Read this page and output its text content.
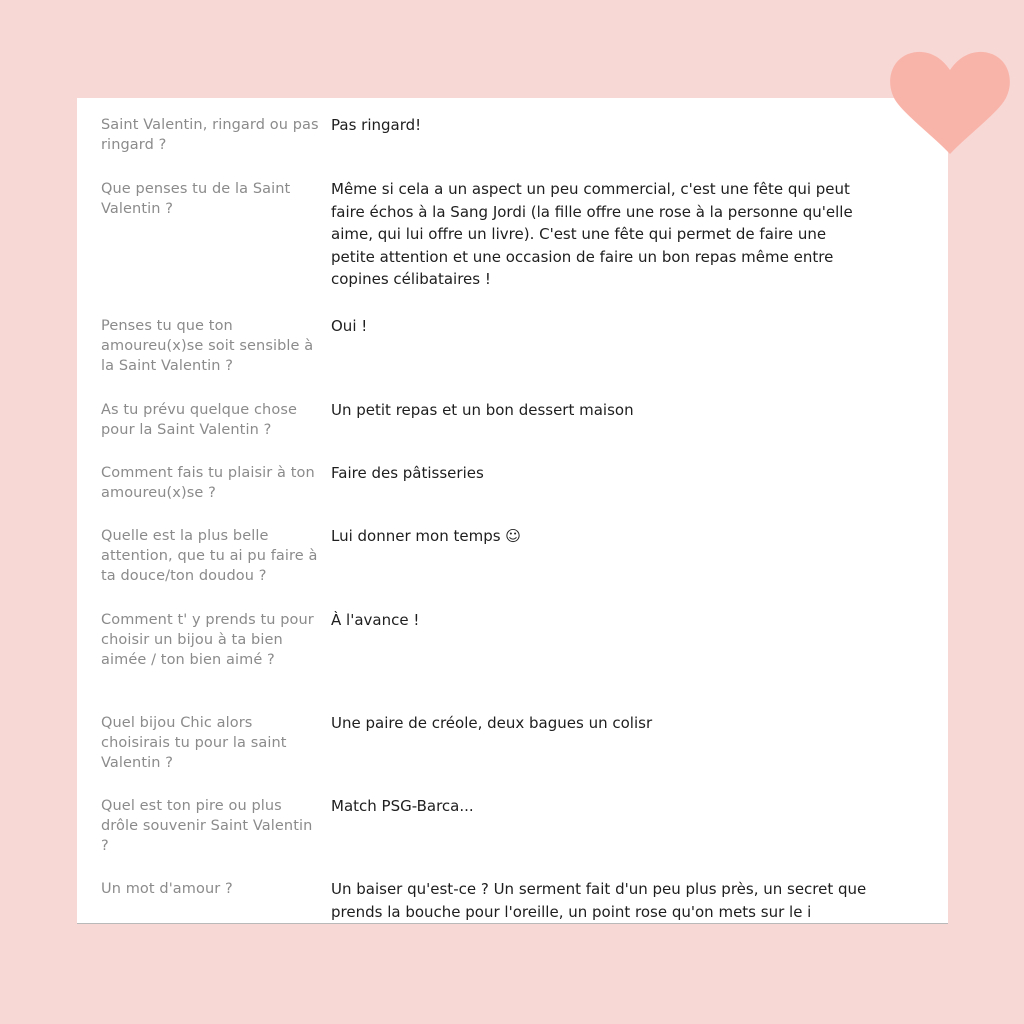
Saint Valentin, ringard ou pas ringard ?
Pas ringard!
Que penses tu de la Saint Valentin ?
Même si cela a un aspect un peu commercial, c'est une fête qui peut faire échos à la Sang Jordi (la fille offre une rose à la personne qu'elle aime, qui lui offre un livre). C'est une fête qui permet de faire une petite attention et une occasion de faire un bon repas même entre copines célibataires !
Penses tu que ton amoureu(x)se soit sensible à la Saint Valentin ?
Oui !
As tu prévu quelque chose pour la Saint Valentin ?
Un petit repas et un bon dessert maison
Comment fais tu plaisir à ton amoureu(x)se ?
Faire des pâtisseries
Quelle est la plus belle attention, que tu ai pu faire à ta douce/ton doudou ?
Lui donner mon temps ☺
Comment t' y prends tu pour choisir un bijou à ta bien aimée / ton bien aimé ?
À l'avance !
Quel bijou Chic alors choisirais tu pour la saint Valentin ?
Une paire de créole, deux bagues un colisr
Quel est ton pire ou plus drôle souvenir Saint Valentin ?
Match PSG-Barca...
Un mot d'amour ?	Un baiser qu'est-ce ? Un serment fait d'un peu plus près, un secret que prends la bouche pour l'oreille, un point rose qu'on mets sur le i
